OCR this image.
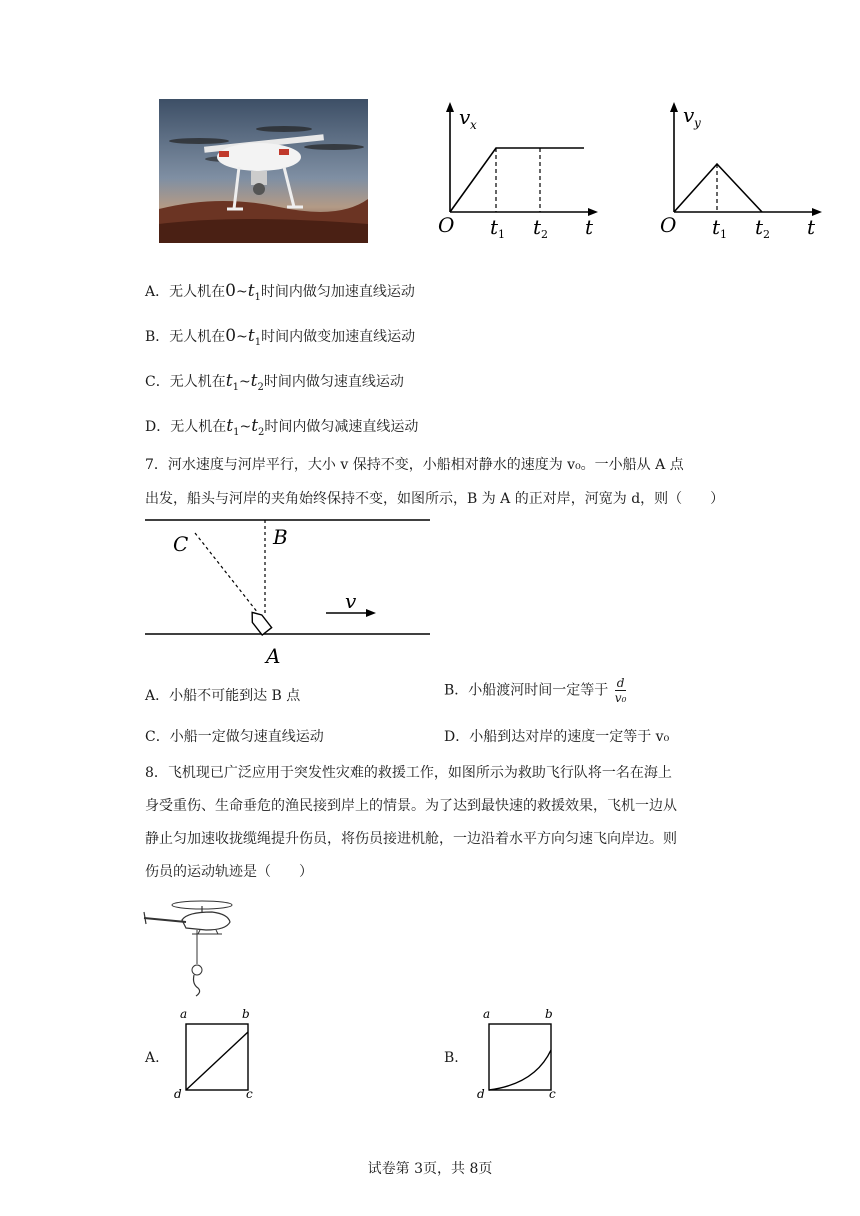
v x
O t 1 t 2 t
v y
O t 1 t 2 t
A．无人机在$0\sim t_1$时间内做匀加速直线运动
B．无人机在$0\sim t_1$时间内做变加速直线运动
C．无人机在$t_1\sim t_2$时间内做匀速直线运动
D．无人机在$t_1\sim t_2$时间内做匀减速直线运动
7．河水速度与河岸平行，大小 v 保持不变，小船相对静水的速度为 v₀。一小船从 A 点
出发，船头与河岸的夹角始终保持不变，如图所示，B 为 A 的正对岸，河宽为 d，则（　　）
C	B
v
A
A．小船不可能到达 B 点	B．小船渡河时间一定等于 $\frac{d}{\text{v₀}}$
C．小船一定做匀速直线运动	D．小船到达对岸的速度一定等于 v₀
8．飞机现已广泛应用于突发性灾难的救援工作，如图所示为救助飞行队将一名在海上
身受重伤、生命垂危的渔民接到岸上的情景。为了达到最快速的救援效果，飞机一边从
静止匀加速收拢缆绳提升伤员，将伤员接进机舱，一边沿着水平方向匀速飞向岸边。则
伤员的运动轨迹是（　　）
A.
a	b
d	c
B.
a	b
d	c
试卷第 3页，共 8页
